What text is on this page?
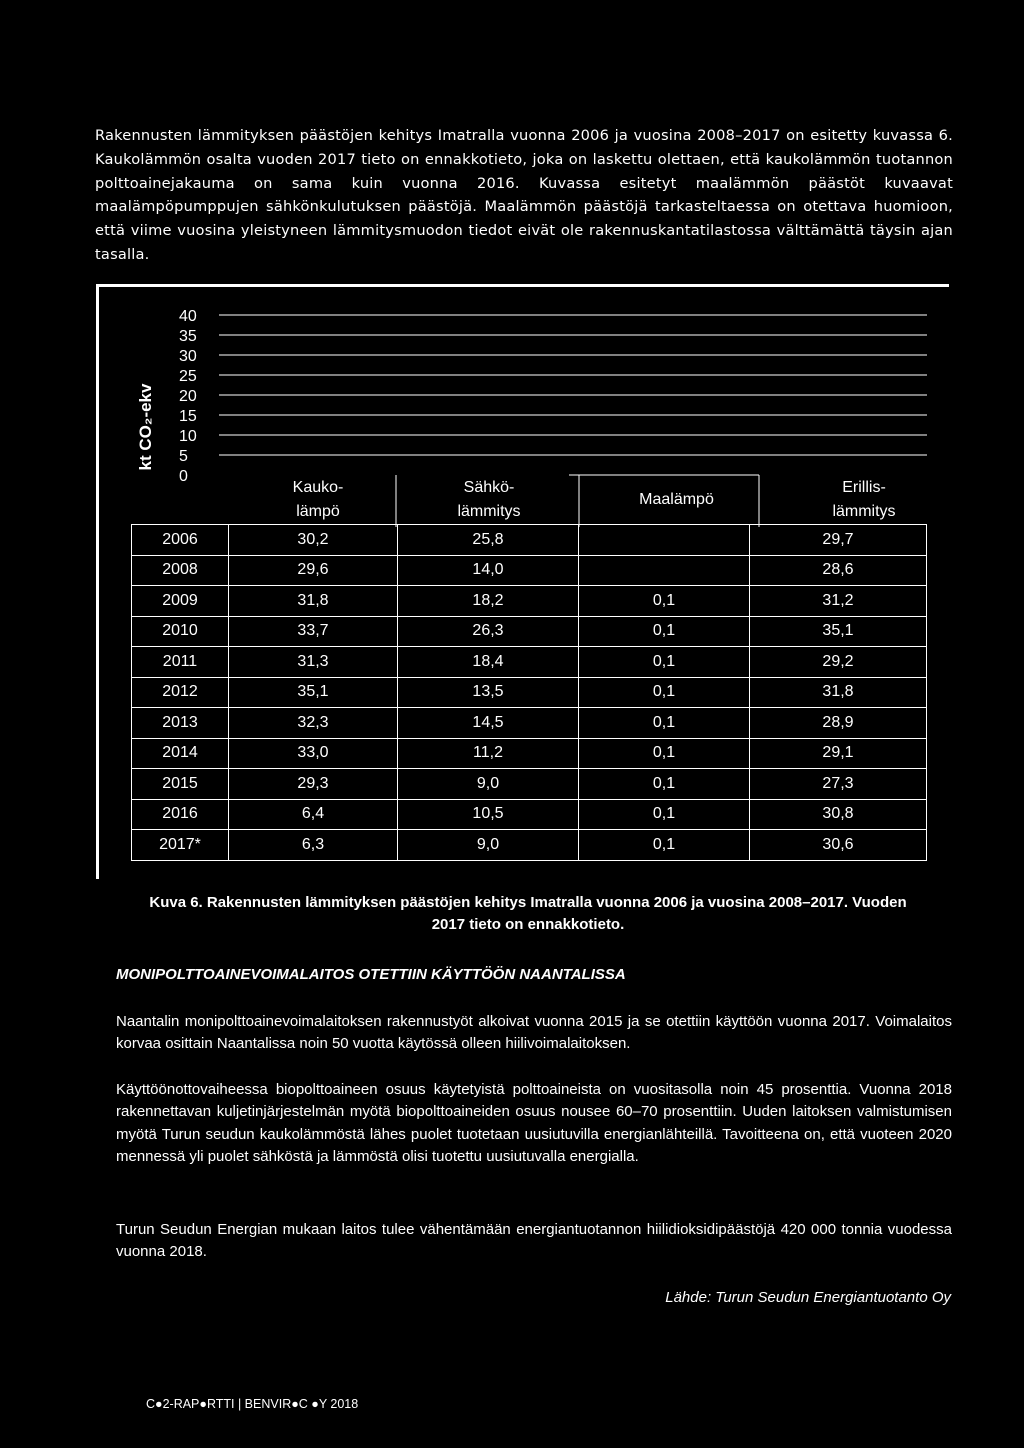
Rakennusten lämmityksen päästöjen kehitys Imatralla vuonna 2006 ja vuosina 2008–2017 on esitetty kuvassa 6. Kaukolämmön osalta vuoden 2017 tieto on ennakkotieto, joka on laskettu olettaen, että kaukolämmön tuotannon polttoainejakauma on sama kuin vuonna 2016. Kuvassa esitetyt maalämmön päästöt kuvaavat maalämpöpumppujen sähkönkulutuksen päästöjä. Maalämmön päästöjä tarkasteltaessa on otettava huomioon, että viime vuosina yleistyneen lämmitysmuodon tiedot eivät ole rakennuskantatilastossa välttämättä täysin ajan tasalla.

40
35
30
25
20
15
10
5
0
kt CO₂-ekv
Kauko-
lämpö
Sähkö-
lämmitys
Maalämpö
Erillis-
lämmitys
2006	30,2	25,8		29,7
2008	29,6	14,0		28,6
2009	31,8	18,2	0,1	31,2
2010	33,7	26,3	0,1	35,1
2011	31,3	18,4	0,1	29,2
2012	35,1	13,5	0,1	31,8
2013	32,3	14,5	0,1	28,9
2014	33,0	11,2	0,1	29,1
2015	29,3	9,0	0,1	27,3
2016	6,4	10,5	0,1	30,8
2017*	6,3	9,0	0,1	30,6
Kuva 6. Rakennusten lämmityksen päästöjen kehitys Imatralla vuonna 2006 ja vuosina 2008–2017. Vuoden
2017 tieto on ennakkotieto.
MONIPOLTTOAINEVOIMALAITOS OTETTIIN KÄYTTÖÖN NAANTALISSA

Naantalin monipolttoainevoimalaitoksen rakennustyöt alkoivat vuonna 2015 ja se otettiin käyttöön vuonna 2017. Voimalaitos korvaa osittain Naantalissa noin 50 vuotta käytössä olleen hiilivoimalaitoksen.

Käyttöönottovaiheessa biopolttoaineen osuus käytetyistä polttoaineista on vuositasolla noin 45 prosenttia. Vuonna 2018 rakennettavan kuljetinjärjestelmän myötä biopolttoaineiden osuus nousee 60–70 prosenttiin. Uuden laitoksen valmistumisen myötä Turun seudun kaukolämmöstä lähes puolet tuotetaan uusiutuvilla energianlähteillä. Tavoitteena on, että vuoteen 2020 mennessä yli puolet sähköstä ja lämmöstä olisi tuotettu uusiutuvalla energialla.

Turun Seudun Energian mukaan laitos tulee vähentämään energiantuotannon hiilidioksidipäästöjä 420 000 tonnia vuodessa vuonna 2018.

Lähde: Turun Seudun Energiantuotanto Oy
C●2-RAP●RTTI | BENVIR●C ●Y 2018
